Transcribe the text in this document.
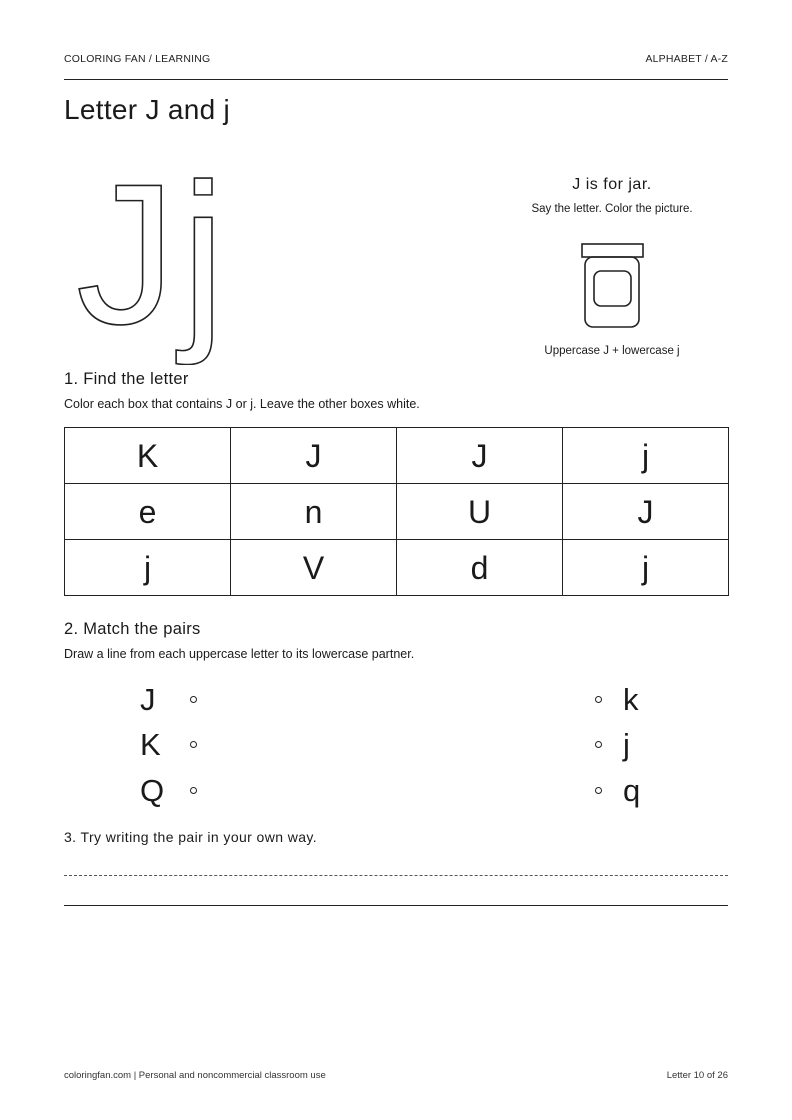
COLORING FAN / LEARNING	ALPHABET / A-Z
Letter J and j
J j	J is for jar.
Say the letter. Color the picture.
Uppercase J + lowercase j
1. Find the letter
Color each box that contains J or j. Leave the other boxes white.
K	J	J	j
e	n	U	J
j	V	d	j
2. Match the pairs
Draw a line from each uppercase letter to its lowercase partner.
J
K
Q
k
j
q
3. Try writing the pair in your own way.
coloringfan.com | Personal and noncommercial classroom use	Letter 10 of 26
